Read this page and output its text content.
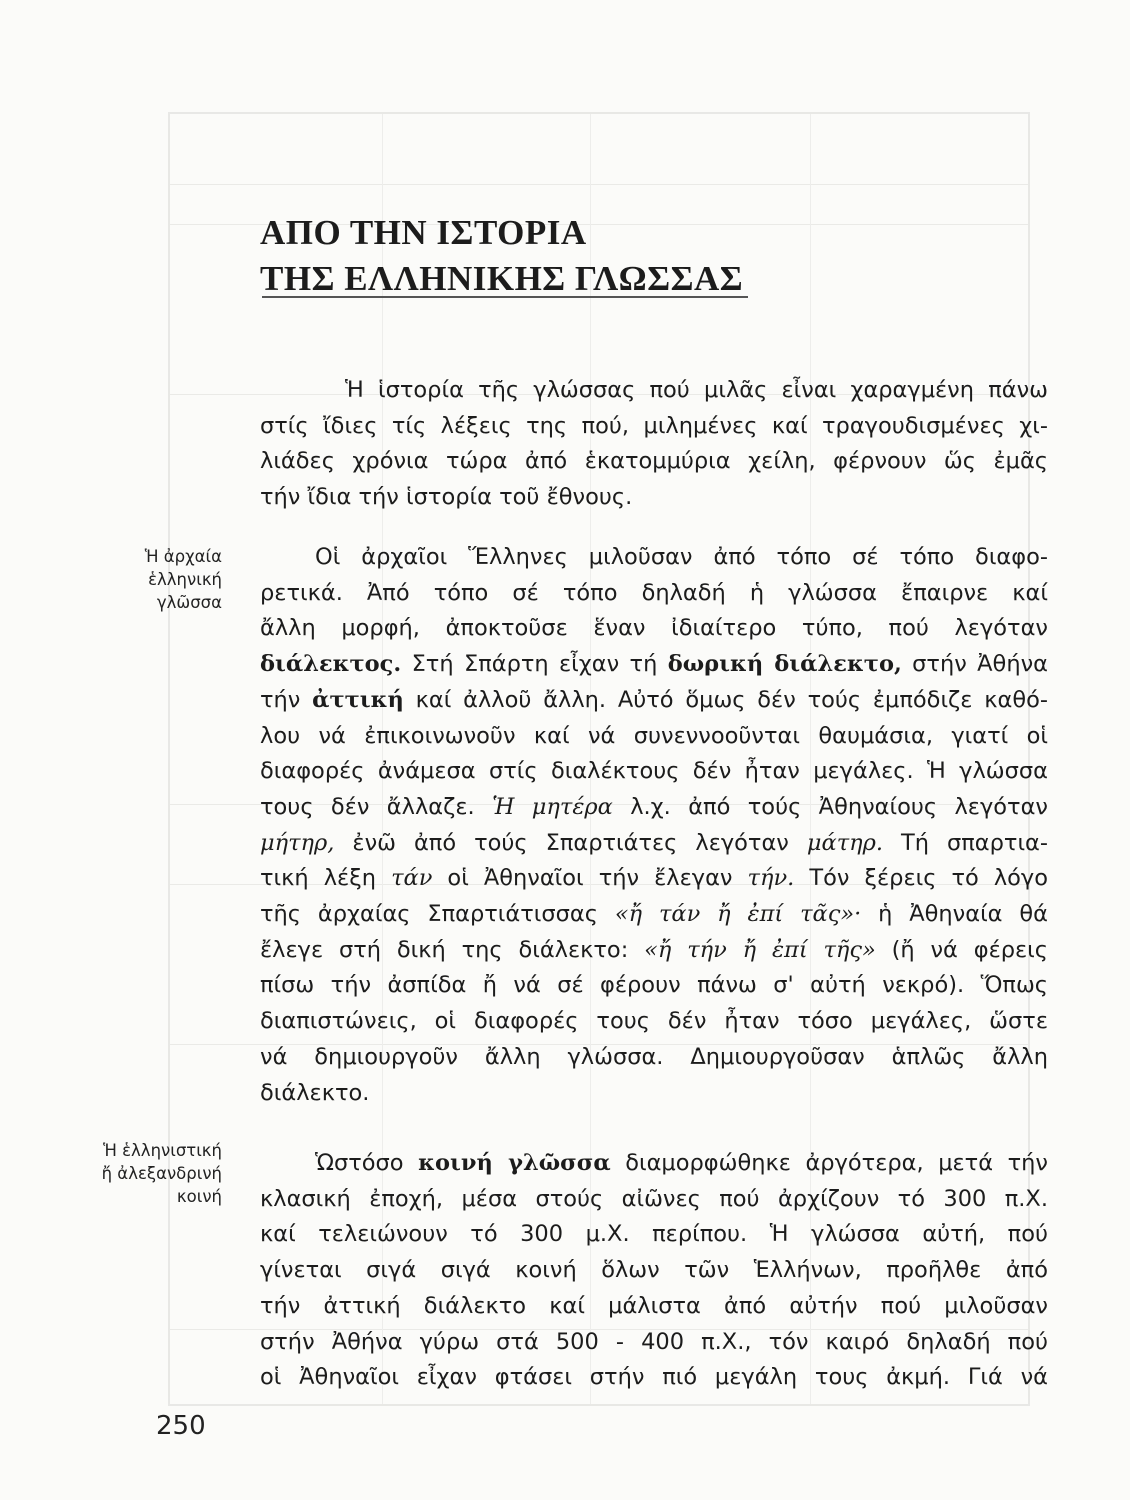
ΑΠΟ ΤΗΝ ΙΣΤΟΡΙΑ
ΤΗΣ ΕΛΛΗΝΙΚΗΣ ΓΛΩΣΣΑΣ
Ἡ ἀρχαία
ἑλληνική
γλῶσσα
Ἡ ἑλληνιστική
ἤ ἀλεξανδρινή
κοινή
Ἡ ἱστορία τῆς γλώσσας πού μιλᾶς εἶναι χαραγμένη πάνω
στίς ἴδιες τίς λέξεις της πού, μιλημένες καί τραγουδισμένες χι-
λιάδες χρόνια τώρα ἀπό ἑκατομμύρια χείλη, φέρνουν ὥς ἐμᾶς
τήν ἴδια τήν ἱστορία τοῦ ἔθνους.
Οἱ ἀρχαῖοι Ἕλληνες μιλοῦσαν ἀπό τόπο σέ τόπο διαφο-
ρετικά. Ἀπό τόπο σέ τόπο δηλαδή ἡ γλώσσα ἔπαιρνε καί
ἄλλη μορφή, ἀποκτοῦσε ἕναν ἰδιαίτερο τύπο, πού λεγόταν
διάλεκτος. Στή Σπάρτη εἶχαν τή δωρική διάλεκτο, στήν Ἀθήνα
τήν ἀττική καί ἀλλοῦ ἄλλη. Αὐτό ὅμως δέν τούς ἐμπόδιζε καθό-
λου νά ἐπικοινωνοῦν καί νά συνεννοοῦνται θαυμάσια, γιατί οἱ
διαφορές ἀνάμεσα στίς διαλέκτους δέν ἦταν μεγάλες. Ἡ γλώσσα
τους δέν ἄλλαζε. Ἡ μητέρα λ.χ. ἀπό τούς Ἀθηναίους λεγόταν
μήτηρ, ἐνῶ ἀπό τούς Σπαρτιάτες λεγόταν μάτηρ. Τή σπαρτια-
τική λέξη τάν οἱ Ἀθηναῖοι τήν ἔλεγαν τήν. Τόν ξέρεις τό λόγο
τῆς ἀρχαίας Σπαρτιάτισσας «ἤ τάν ἤ ἐπί τᾶς»· ἡ Ἀθηναία θά
ἔλεγε στή δική της διάλεκτο: «ἤ τήν ἤ ἐπί τῆς» (ἤ νά φέρεις
πίσω τήν ἀσπίδα ἤ νά σέ φέρουν πάνω σ' αὐτή νεκρό). Ὅπως
διαπιστώνεις, οἱ διαφορές τους δέν ἦταν τόσο μεγάλες, ὥστε
νά δημιουργοῦν ἄλλη γλώσσα. Δημιουργοῦσαν ἁπλῶς ἄλλη
διάλεκτο.
Ὡστόσο κοινή γλῶσσα διαμορφώθηκε ἀργότερα, μετά τήν
κλασική ἐποχή, μέσα στούς αἰῶνες πού ἀρχίζουν τό 300 π.Χ.
καί τελειώνουν τό 300 μ.Χ. περίπου. Ἡ γλώσσα αὐτή, πού
γίνεται σιγά σιγά κοινή ὅλων τῶν Ἑλλήνων, προῆλθε ἀπό
τήν ἀττική διάλεκτο καί μάλιστα ἀπό αὐτήν πού μιλοῦσαν
στήν Ἀθήνα γύρω στά 500 - 400 π.Χ., τόν καιρό δηλαδή πού
οἱ Ἀθηναῖοι εἶχαν φτάσει στήν πιό μεγάλη τους ἀκμή. Γιά νά
250
